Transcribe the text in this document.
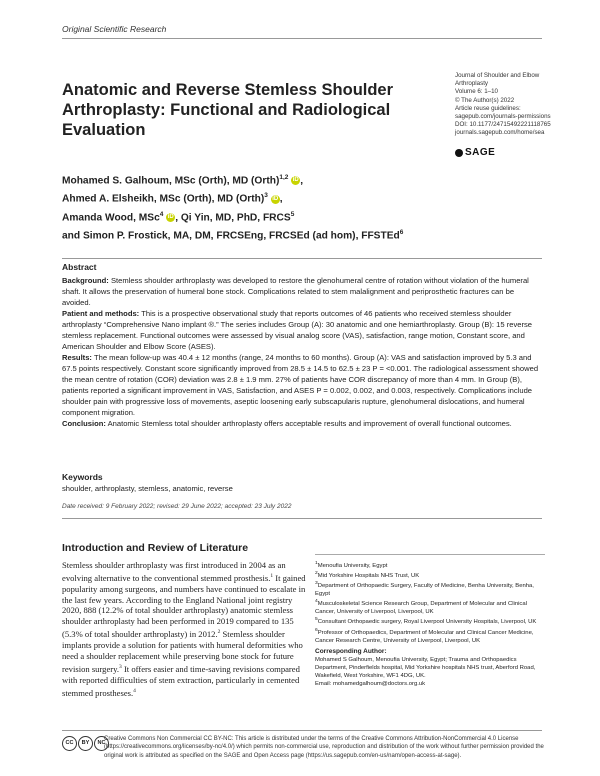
Original Scientific Research
Anatomic and Reverse Stemless Shoulder Arthroplasty: Functional and Radiological Evaluation
Journal of Shoulder and Elbow
Arthroplasty
Volume 6: 1–10
© The Author(s) 2022
Article reuse guidelines:
sagepub.com/journals-permissions
DOI: 10.1177/24715492221118765
journals.sagepub.com/home/sea
SAGE
Mohamed S. Galhoum, MSc (Orth), MD (Orth)$^{1,2}$ iD ,
Ahmed A. Elsheikh, MSc (Orth), MD (Orth)$^3$ iD ,
Amanda Wood, MSc$^4$ iD , Qi Yin, MD, PhD, FRCS$^5$
and Simon P. Frostick, MA, DM, FRCSEng, FRCSEd (ad hom), FFSTEd$^6$
Abstract

Background: Stemless shoulder arthroplasty was developed to restore the glenohumeral centre of rotation without violation of the humeral shaft. It allows the preservation of humeral bone stock. Complications related to stem malalignment and periprosthetic fractures can be avoided.

Patient and methods: This is a prospective observational study that reports outcomes of 46 patients who received stemless shoulder arthroplasty “Comprehensive Nano implant ®.” The series includes Group (A): 30 anatomic and one hemiarthroplasty. Group (B): 15 reverse stemless replacement. Functional outcomes were assessed by visual analog score (VAS), satisfaction, range motion, Constant score, and American Shoulder and Elbow Score (ASES).

Results: The mean follow-up was 40.4 ± 12 months (range, 24 months to 60 months). Group (A): VAS and satisfaction improved by 5.3 and 67.5 points respectively. Constant score significantly improved from 28.5 ± 14.5 to 62.5 ± 23 P = <0.001. The radiological assessment showed the mean centre of rotation (COR) deviation was 2.8 ± 1.9 mm. 27% of patients have COR discrepancy of more than 4 mm. In Group (B), patients reported a significant improvement in VAS, Satisfaction, and ASES P = 0.002, 0.002, and 0.003, respectively. Complications include shoulder pain with progressive loss of movements, aseptic loosening early subscapularis rupture, glenohumeral dislocations, and humeral component migration.

Conclusion: Anatomic Stemless total shoulder arthroplasty offers acceptable results and improvement of overall functional outcomes.

Keywords
shoulder, arthroplasty, stemless, anatomic, reverse
Date received: 9 February 2022; revised: 29 June 2022; accepted: 23 July 2022
Introduction and Review of Literature

Stemless shoulder arthroplasty was first introduced in 2004 as an evolving alternative to the conventional stemmed prosthesis.$^1$ It gained popularity among surgeons, and numbers have continued to escalate in the last few years. According to the England National joint registry 2020, 888 (12.2% of total shoulder arthroplasty) anatomic stemless shoulder arthroplasty had been performed in 2019 compared to 135 (5.3% of total shoulder arthroplasty) in 2012.$^2$ Stemless shoulder implants provide a solution for patients with humeral deformities who need a shoulder replacement while preserving bone stock for future revision surgery.$^3$ It offers easier and time-saving revisions compared with reported difficulties of stem extraction, particularly in cemented stemmed prostheses.$^4$

$^1$Menoufia University, Egypt

$^2$Mid Yorkshire Hospitals NHS Trust, UK

$^3$Department of Orthopaedic Surgery, Faculty of Medicine, Benha University, Benha, Egypt

$^4$Musculoskeletal Science Research Group, Department of Molecular and Clinical Cancer, University of Liverpool, Liverpool, UK

$^5$Consultant Orthopaedic surgery, Royal Liverpool University Hospitals, Liverpool, UK

$^6$Professor of Orthopaedics, Department of Molecular and Clinical Cancer Medicine, Cancer Research Centre, University of Liverpool, Liverpool, UK

Corresponding Author:

Mohamed S Galhoum, Menoufia University, Egypt; Trauma and Orthopaedics Department, Pinderfields hospital, Mid Yorkshire hospitals NHS trust, Aberford Road, Wakefield, West Yorkshire, WF1 4DG, UK.

Email: mohamedgalhoum@doctors.org.uk

CC	BY	NC
Creative Commons Non Commercial CC BY-NC: This article is distributed under the terms of the Creative Commons Attribution-NonCommercial 4.0 License (https://creativecommons.org/licenses/by-nc/4.0/) which permits non-commercial use, reproduction and distribution of the work without further permission provided the original work is attributed as specified on the SAGE and Open Access page (https://us.sagepub.com/en-us/nam/open-access-at-sage).
